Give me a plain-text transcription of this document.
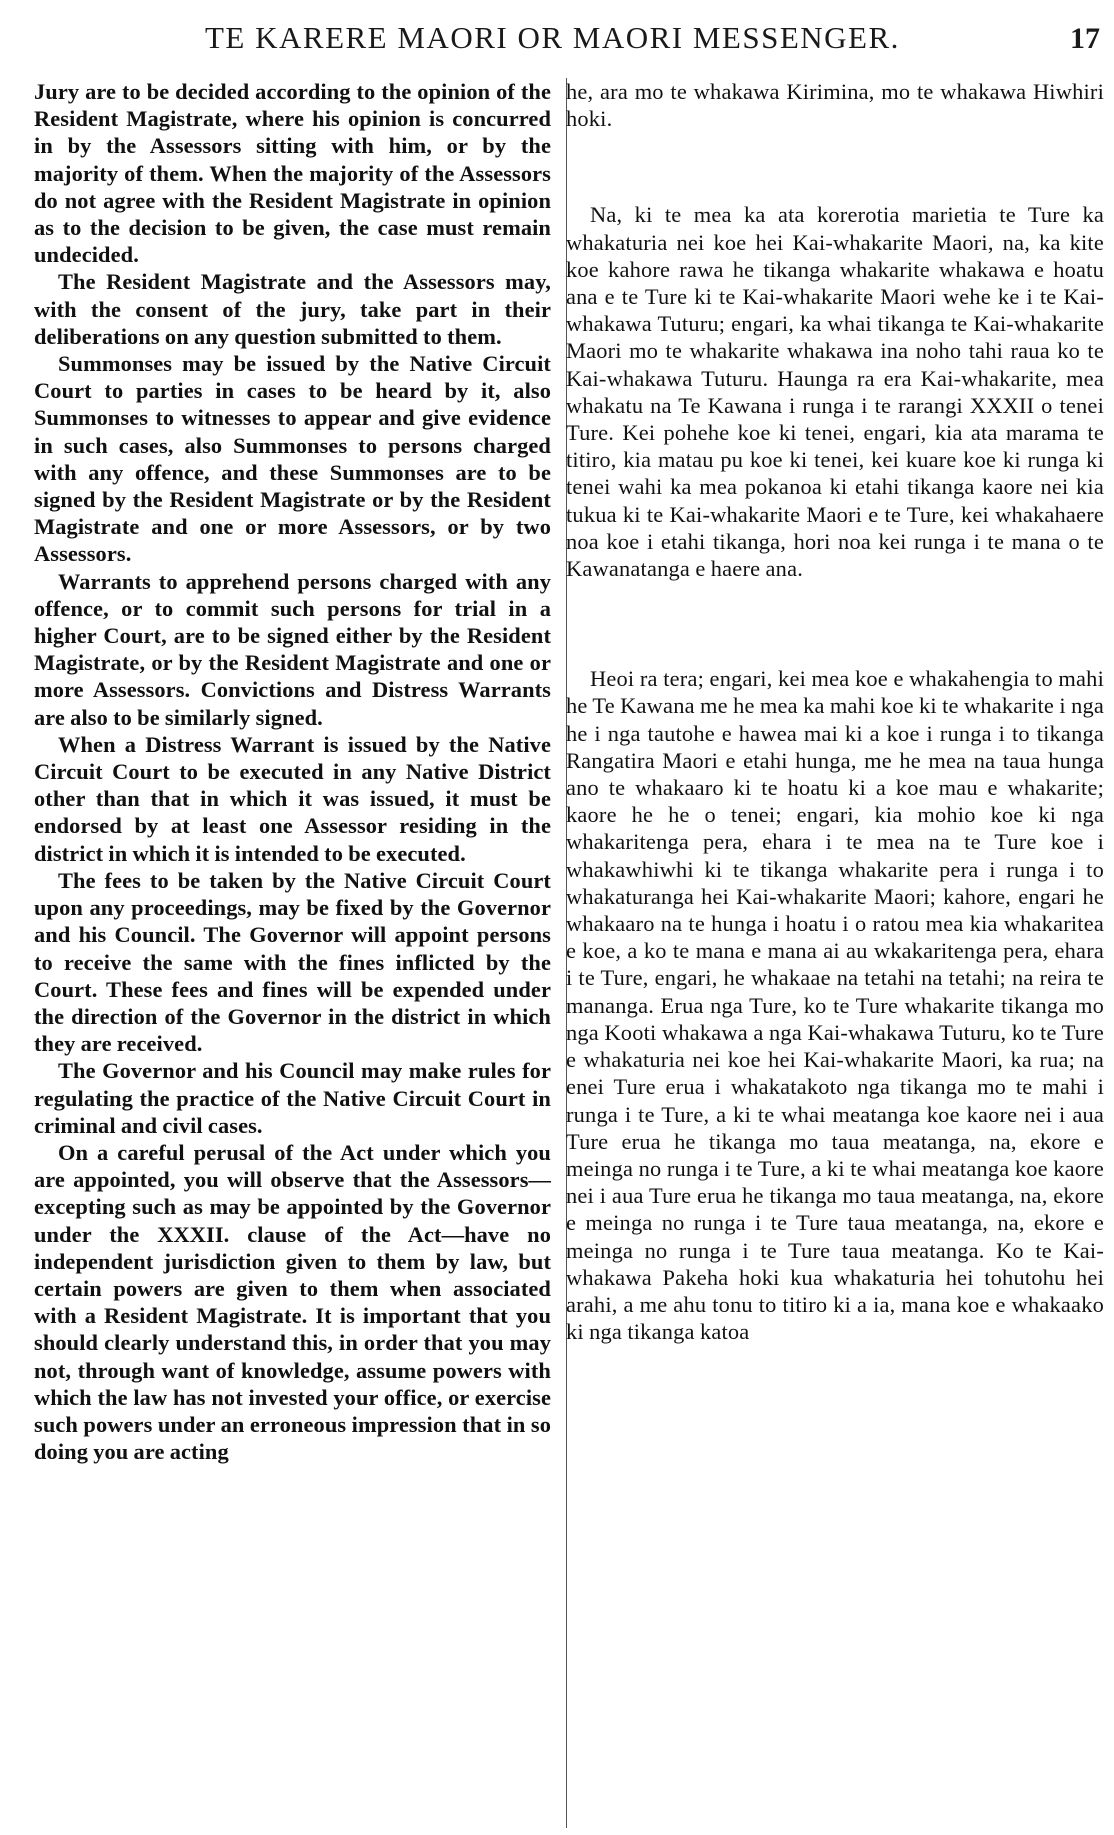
TE KARERE MAORI OR MAORI MESSENGER.	17

Jury are to be decided according to the opinion of the Resident Magistrate, where his opinion is concurred in by the Assessors sitting with him, or by the majority of them. When the majority of the Assessors do not agree with the Resident Magistrate in opinion as to the decision to be given, the case must remain undecided.

The Resident Magistrate and the Assessors may, with the consent of the jury, take part in their deliberations on any question submitted to them.

Summonses may be issued by the Native Circuit Court to parties in cases to be heard by it, also Summonses to witnesses to appear and give evidence in such cases, also Summonses to persons charged with any offence, and these Summonses are to be signed by the Resident Magistrate or by the Resident Magistrate and one or more Assessors, or by two Assessors.

Warrants to apprehend persons charged with any offence, or to commit such persons for trial in a higher Court, are to be signed either by the Resident Magistrate, or by the Resident Magistrate and one or more Assessors. Convictions and Distress Warrants are also to be similarly signed.

When a Distress Warrant is issued by the Native Circuit Court to be executed in any Native District other than that in which it was issued, it must be endorsed by at least one Assessor residing in the district in which it is intended to be executed.

The fees to be taken by the Native Circuit Court upon any proceedings, may be fixed by the Governor and his Council. The Governor will appoint persons to receive the same with the fines inflicted by the Court. These fees and fines will be expended under the direction of the Governor in the district in which they are received.

The Governor and his Council may make rules for regulating the practice of the Native Circuit Court in criminal and civil cases.

On a careful perusal of the Act under which you are appointed, you will observe that the Assessors—excepting such as may be appointed by the Governor under the XXXII. clause of the Act—have no independent jurisdiction given to them by law, but certain powers are given to them when associated with a Resident Magistrate. It is important that you should clearly understand this, in order that you may not, through want of knowledge, assume powers with which the law has not invested your office, or exercise such powers under an erroneous impression that in so doing you are acting

he, ara mo te whakawa Kirimina, mo te whakawa Hiwhiri hoki.

Na, ki te mea ka ata korerotia marietia te Ture ka whakaturia nei koe hei Kai-whakarite Maori, na, ka kite koe kahore rawa he tikanga whakarite whakawa e hoatu ana e te Ture ki te Kai-whakarite Maori wehe ke i te Kai-whakawa Tuturu; engari, ka whai tikanga te Kai-whakarite Maori mo te whakarite whakawa ina noho tahi raua ko te Kai-whakawa Tuturu. Haunga ra era Kai-whakarite, mea whakatu na Te Kawana i runga i te rarangi XXXII o tenei Ture. Kei pohehe koe ki tenei, engari, kia ata marama te titiro, kia matau pu koe ki tenei, kei kuare koe ki runga ki tenei wahi ka mea pokanoa ki etahi tikanga kaore nei kia tukua ki te Kai-whakarite Maori e te Ture, kei whakahaere noa koe i etahi tikanga, hori noa kei runga i te mana o te Kawanatanga e haere ana.

Heoi ra tera; engari, kei mea koe e whakahengia to mahi he Te Kawana me he mea ka mahi koe ki te whakarite i nga he i nga tautohe e hawea mai ki a koe i runga i to tikanga Rangatira Maori e etahi hunga, me he mea na taua hunga ano te whakaaro ki te hoatu ki a koe mau e whakarite; kaore he he o tenei; engari, kia mohio koe ki nga whakaritenga pera, ehara i te mea na te Ture koe i whakawhiwhi ki te tikanga whakarite pera i runga i to whakaturanga hei Kai-whakarite Maori; kahore, engari he whakaaro na te hunga i hoatu i o ratou mea kia whakaritea e koe, a ko te mana e mana ai au wkakaritenga pera, ehara i te Ture, engari, he whakaae na tetahi na tetahi; na reira te mananga. Erua nga Ture, ko te Ture whakarite tikanga mo nga Kooti whakawa a nga Kai-whakawa Tuturu, ko te Ture e whakaturia nei koe hei Kai-whakarite Maori, ka rua; na enei Ture erua i whakatakoto nga tikanga mo te mahi i runga i te Ture, a ki te whai meatanga koe kaore nei i aua Ture erua he tikanga mo taua meatanga, na, ekore e meinga no runga i te Ture, a ki te whai meatanga koe kaore nei i aua Ture erua he tikanga mo taua meatanga, na, ekore e meinga no runga i te Ture taua meatanga, na, ekore e meinga no runga i te Ture taua meatanga. Ko te Kai-whakawa Pakeha hoki kua whakaturia hei tohutohu hei arahi, a me ahu tonu to titiro ki a ia, mana koe e whakaako ki nga tikanga katoa
